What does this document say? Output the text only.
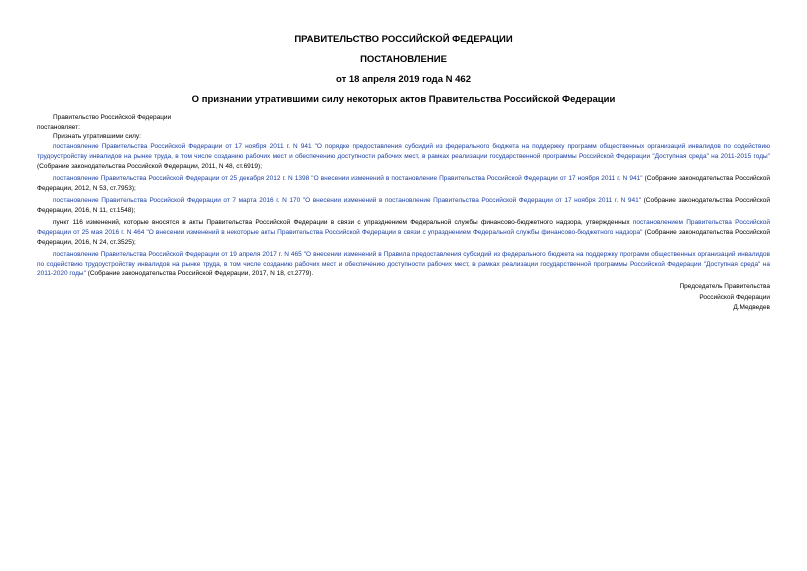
ПРАВИТЕЛЬСТВО РОССИЙСКОЙ ФЕДЕРАЦИИ
ПОСТАНОВЛЕНИЕ
от 18 апреля 2019 года N 462
О признании утратившими силу некоторых актов Правительства Российской Федерации
Правительство Российской Федерации
постановляет:
Признать утратившими силу:

постановление Правительства Российской Федерации от 17 ноября 2011 г. N 941 "О порядке предоставления субсидий из федерального бюджета на поддержку программ общественных организаций инвалидов по содействию трудоустройству инвалидов на рынке труда, в том числе созданию рабочих мест и обеспечению доступности рабочих мест, в рамках реализации государственной программы Российской Федерации "Доступная среда" на 2011-2015 годы" (Собрание законодательства Российской Федерации, 2011, N 48, ст.6919);

постановление Правительства Российской Федерации от 25 декабря 2012 г. N 1398 "О внесении изменений в постановление Правительства Российской Федерации от 17 ноября 2011 г. N 941" (Собрание законодательства Российской Федерации, 2012, N 53, ст.7953);

постановление Правительства Российской Федерации от 7 марта 2016 г. N 170 "О внесении изменений в постановление Правительства Российской Федерации от 17 ноября 2011 г. N 941" (Собрание законодательства Российской Федерации, 2016, N 11, ст.1548);

пункт 116 изменений, которые вносятся в акты Правительства Российской Федерации в связи с упразднением Федеральной службы финансово-бюджетного надзора, утвержденных постановлением Правительства Российской Федерации от 25 мая 2016 г. N 464 "О внесении изменений в некоторые акты Правительства Российской Федерации в связи с упразднением Федеральной службы финансово-бюджетного надзора" (Собрание законодательства Российской Федерации, 2016, N 24, ст.3525);

постановление Правительства Российской Федерации от 19 апреля 2017 г. N 465 "О внесении изменений в Правила предоставления субсидий из федерального бюджета на поддержку программ общественных организаций инвалидов по содействию трудоустройству инвалидов на рынке труда, в том числе созданию рабочих мест и обеспечению доступности рабочих мест, в рамках реализации государственной программы Российской Федерации "Доступная среда" на 2011-2020 годы" (Собрание законодательства Российской Федерации, 2017, N 18, ст.2779).

Председатель Правительства
Российской Федерации
Д.Медведев
